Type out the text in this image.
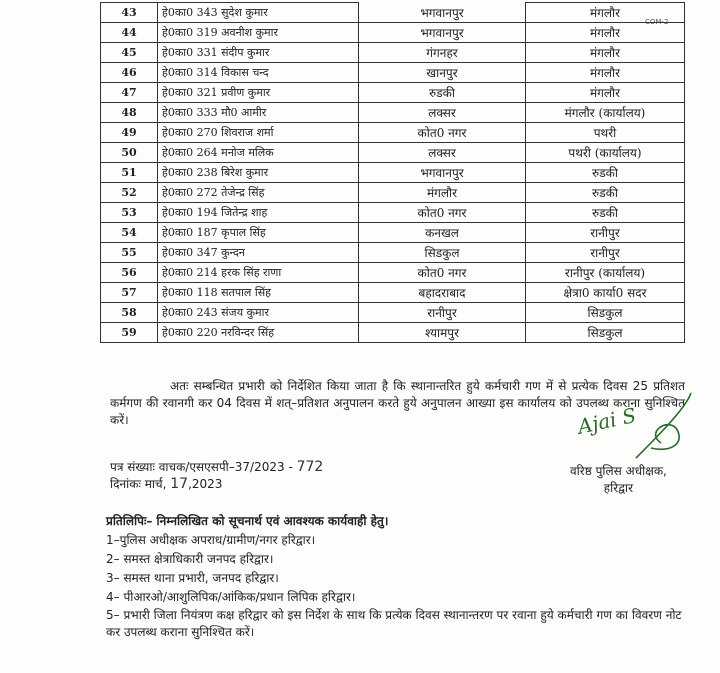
COM-2
43	हे0का0 343 सुदेश कुमार	भगवानपुर	मंगलौर
44	हे0का0 319 अवनीश कुमार	भगवानपुर	मंगलौर
45	हे0का0 331 संदीप कुमार	गंगनहर	मंगलौर
46	हे0का0 314 विकास चन्द	खानपुर	मंगलौर
47	हे0का0 321 प्रवीण कुमार	रुडकी	मंगलौर
48	हे0का0 333 मौ0 आमीर	लक्सर	मंगलौर (कार्यालय)
49	हे0का0 270 शिवराज शर्मा	कोत0 नगर	पथरी
50	हे0का0 264 मनोज मलिक	लक्सर	पथरी (कार्यालय)
51	हे0का0 238 बिरेश कुमार	भगवानपुर	रुडकी
52	हे0का0 272 तेजेन्द्र सिंह	मंगलौर	रुडकी
53	हे0का0 194 जितेन्द्र शाह	कोत0 नगर	रुडकी
54	हे0का0 187 कृपाल सिंह	कनखल	रानीपुर
55	हे0का0 347 कुन्दन	सिडकुल	रानीपुर
56	हे0का0 214 हरक सिंह राणा	कोत0 नगर	रानीपुर (कार्यालय)
57	हे0का0 118 सतपाल सिंह	बहादराबाद	क्षेत्रा0 कार्या0 सदर
58	हे0का0 243 संजय कुमार	रानीपुर	सिडकुल
59	हे0का0 220 नरविन्दर सिंह	श्यामपुर	सिडकुल
अतः सम्बन्धित प्रभारी को निर्देशित किया जाता है कि स्थानान्तरित हुये कर्मचारी गण में से प्रत्येक दिवस 25 प्रतिशत कर्मगण की रवानगी कर 04 दिवस में शत्–प्रतिशत अनुपालन करते हुये अनुपालन आख्या इस कार्यालय को उपलब्ध कराना सुनिश्चित करें।
पत्र संख्याः वाचक/एसएसपी–37/2023 - 772
दिनांकः मार्च, 17,2023
Ajai S
वरिष्ठ पुलिस अधीक्षक,
हरिद्वार
प्रतिलिपिः– निम्नलिखित को सूचनार्थ एवं आवश्यक कार्यवाही हेतु।
1–पुलिस अधीक्षक अपराध/ग्रामीण/नगर हरिद्वार।
2– समस्त क्षेत्राधिकारी जनपद हरिद्वार।
3– समस्त थाना प्रभारी, जनपद हरिद्वार।
4– पीआरओ/आशुलिपिक/आंकिक/प्रधान लिपिक हरिद्वार।
5– प्रभारी जिला नियंत्रण कक्ष हरिद्वार को इस निर्देश के साथ कि प्रत्येक दिवस स्थानान्तरण पर रवाना हुये कर्मचारी गण का विवरण नोट कर उपलब्ध कराना सुनिश्चित करें।
